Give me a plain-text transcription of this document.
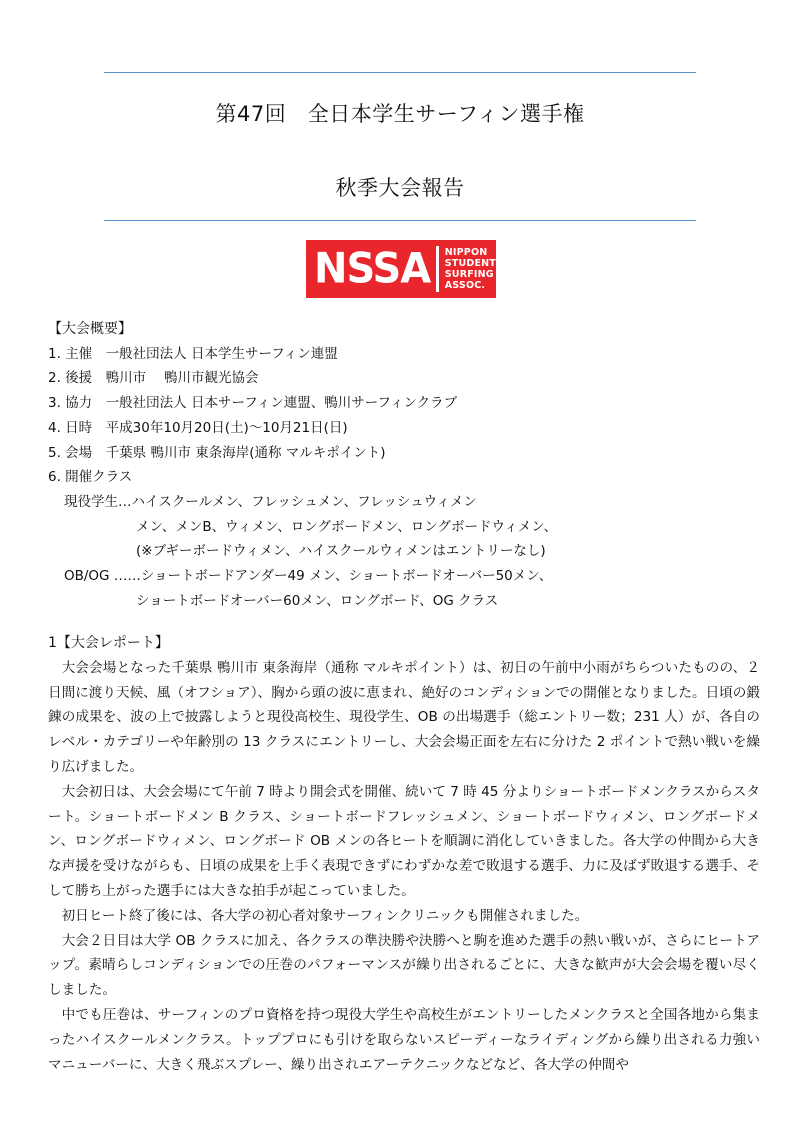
第47回　全日本学生サーフィン選手権
秋季大会報告
NSSA NIPPON
STUDENT
SURFING
ASSOC.
【大会概要】
1. 主催　一般社団法人 日本学生サーフィン連盟
2. 後援　鴨川市　 鴨川市観光協会
3. 協力　一般社団法人 日本サーフィン連盟、鴨川サーフィンクラブ
4. 日時　平成30年10月20日(土)～10月21日(日)
5. 会場　千葉県 鴨川市 東条海岸(通称 マルキポイント)
6. 開催クラス
現役学生…ハイスクールメン、フレッシュメン、フレッシュウィメン
メン、メンB、ウィメン、ロングボードメン、ロングボードウィメン、
(※ブギーボードウィメン、ハイスクールウィメンはエントリーなし)
OB/OG ……ショートボードアンダー49 メン、ショートボードオーバー50メン、
ショートボードオーバー60メン、ロングボード、OG クラス

1【大会レポート】

大会会場となった千葉県 鴨川市 東条海岸（通称 マルキポイント）は、初日の午前中小雨がちらついたものの、２日間に渡り天候、風（オフショア）、胸から頭の波に恵まれ、絶好のコンディションでの開催となりました。日頃の鍛錬の成果を、波の上で披露しようと現役高校生、現役学生、OB の出場選手（総エントリー数；231 人）が、各自のレベル・カテゴリーや年齢別の 13 クラスにエントリーし、大会会場正面を左右に分けた 2 ポイントで熱い戦いを繰り広げました。

大会初日は、大会会場にて午前 7 時より開会式を開催、続いて 7 時 45 分よりショートボードメンクラスからスタート。ショートボードメン B クラス、ショートボードフレッシュメン、ショートボードウィメン、ロングボードメン、ロングボードウィメン、ロングボード OB メンの各ヒートを順調に消化していきました。各大学の仲間から大きな声援を受けながらも、日頃の成果を上手く表現できずにわずかな差で敗退する選手、力に及ばず敗退する選手、そして勝ち上がった選手には大きな拍手が起こっていました。

初日ヒート終了後には、各大学の初心者対象サーフィンクリニックも開催されました。

大会２日目は大学 OB クラスに加え、各クラスの準決勝や決勝へと駒を進めた選手の熱い戦いが、さらにヒートアップ。素晴らしコンディションでの圧巻のパフォーマンスが繰り出されるごとに、大きな歓声が大会会場を覆い尽くしました。

中でも圧巻は、サーフィンのプロ資格を持つ現役大学生や高校生がエントリーしたメンクラスと全国各地から集まったハイスクールメンクラス。トッププロにも引けを取らないスピーディーなライディングから繰り出される力強いマニューバーに、大きく飛ぶスプレー、繰り出されエアーテクニックなどなど、各大学の仲間や
